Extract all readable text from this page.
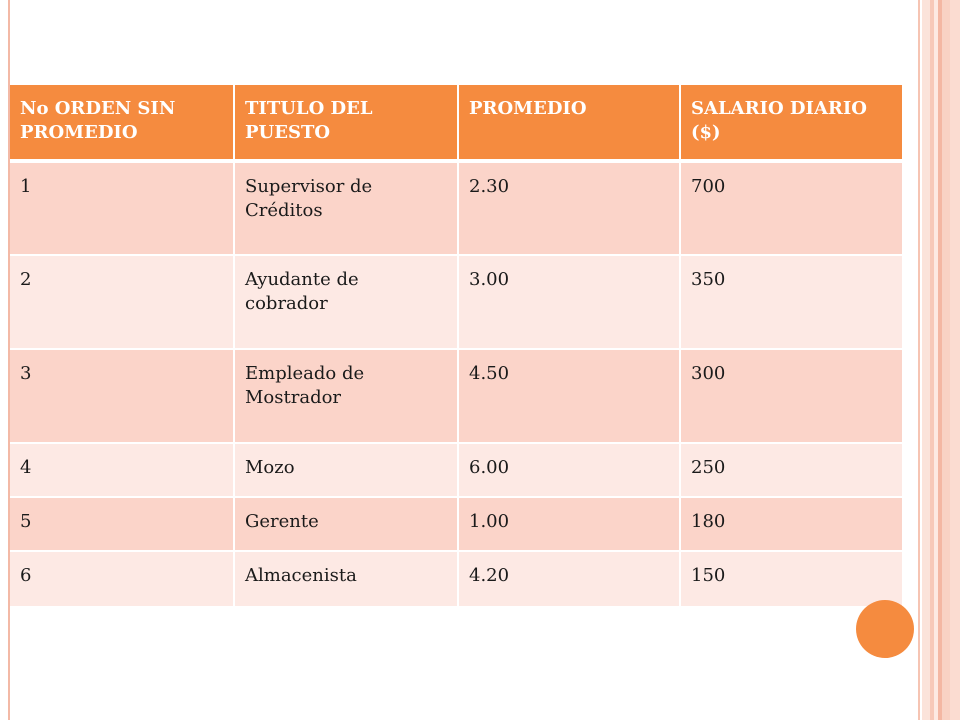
No ORDEN SIN PROMEDIO	TITULO DEL PUESTO	PROMEDIO	SALARIO DIARIO ($)
1	Supervisor de Créditos	2.30	700
2	Ayudante de cobrador	3.00	350
3	Empleado de Mostrador	4.50	300
4	Mozo	6.00	250
5	Gerente	1.00	180
6	Almacenista	4.20	150
